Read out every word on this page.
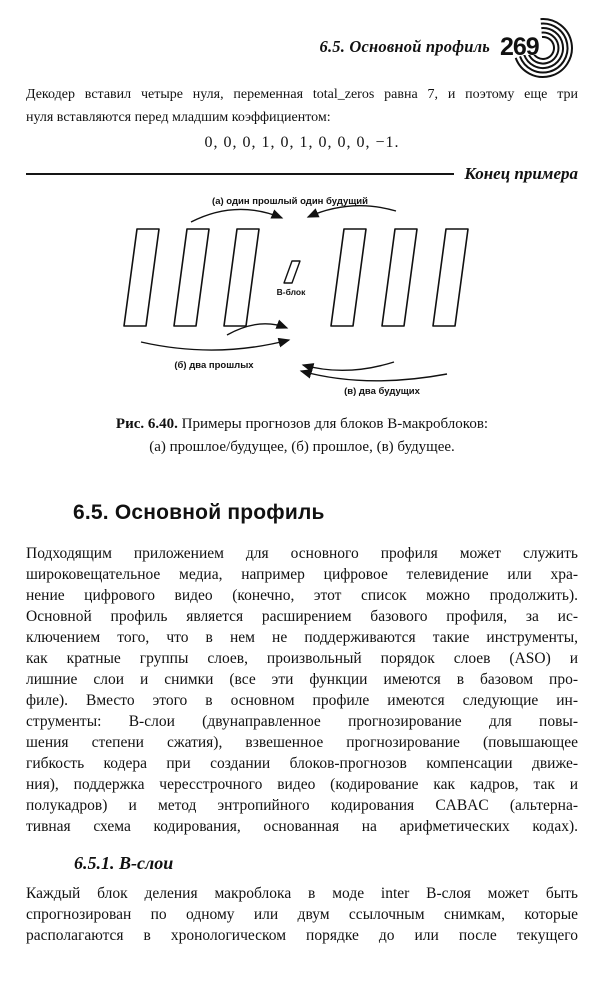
6.5. Основной профиль 269
Декодер вставил четыре нуля, переменная total_zeros равна 7, и поэтому еще три
нуля вставляются перед младшим коэффициентом:
0, 0, 0, 1, 0, 1, 0, 0, 0, −1.
Конец примера
В-блок
(а) один прошлый один будущий
(б) два прошлых
(в) два будущих
Рис. 6.40. Примеры прогнозов для блоков В-макроблоков:
(а) прошлое/будущее, (б) прошлое, (в) будущее.
6.5. Основной профиль
Подходящим приложением для основного профиля может служить
широковещательное медиа, например цифровое телевидение или хра-
нение цифрового видео (конечно, этот список можно продолжить).
Основной профиль является расширением базового профиля, за ис-
ключением того, что в нем не поддерживаются такие инструменты,
как кратные группы слоев, произвольный порядок слоев (ASO) и
лишние слои и снимки (все эти функции имеются в базовом про-
филе). Вместо этого в основном профиле имеются следующие ин-
струменты: В-слои (двунаправленное прогнозирование для повы-
шения степени сжатия), взвешенное прогнозирование (повышающее
гибкость кодера при создании блоков-прогнозов компенсации движе-
ния), поддержка чересстрочного видео (кодирование как кадров, так и
полукадров) и метод энтропийного кодирования CABAC (альтерна-
тивная схема кодирования, основанная на арифметических кодах).
6.5.1. В-слои
Каждый блок деления макроблока в моде inter В-слоя может быть
спрогнозирован по одному или двум ссылочным снимкам, которые
располагаются в хронологическом порядке до или после текущего
